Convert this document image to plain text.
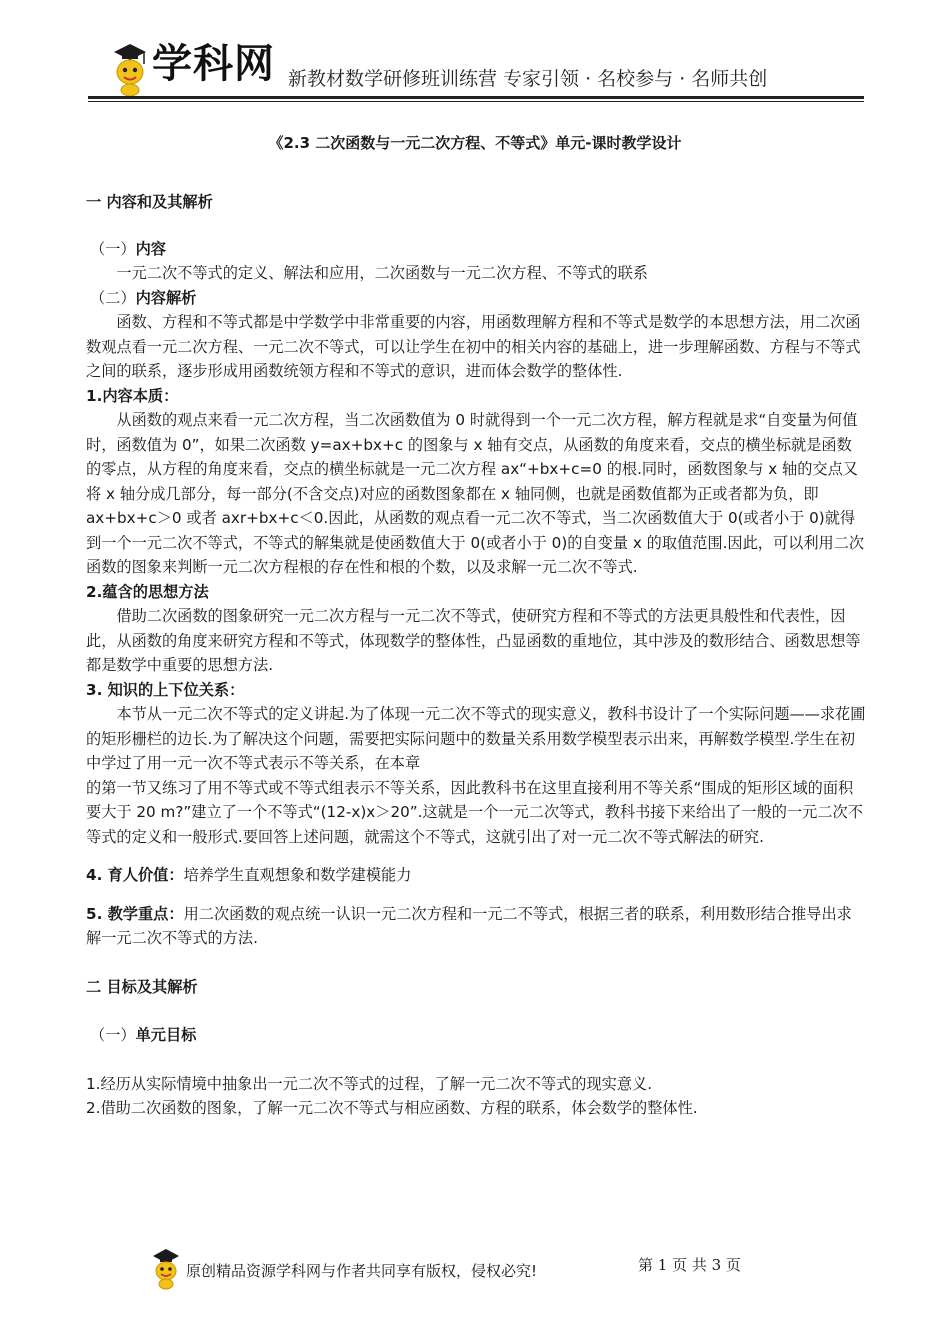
学科网 新教材数学研修班训练营 专家引领 · 名校参与 · 名师共创
《2.3 二次函数与一元二次方程、不等式》单元-课时教学设计

一 内容和及其解析

（一）内容

一元二次不等式的定义、解法和应用，二次函数与一元二次方程、不等式的联系

（二）内容解析

函数、方程和不等式都是中学数学中非常重要的内容，用函数理解方程和不等式是数学的本思想方法，用二次函数观点看一元二次方程、一元二次不等式，可以让学生在初中的相关内容的基础上，进一步理解函数、方程与不等式之间的联系，逐步形成用函数统领方程和不等式的意识，进而体会数学的整体性.

1.内容本质：

从函数的观点来看一元二次方程，当二次函数值为 0 时就得到一个一元二次方程，解方程就是求“自变量为何值时，函数值为 0”，如果二次函数 y=ax+bx+c 的图象与 x 轴有交点，从函数的角度来看，交点的横坐标就是函数的零点，从方程的角度来看，交点的横坐标就是一元二次方程 ax“+bx+c=0 的根.同时，函数图象与 x 轴的交点又将 x 轴分成几部分，每一部分(不含交点)对应的函数图象都在 x 轴同侧，也就是函数值都为正或者都为负，即 ax+bx+c＞0 或者 axr+bx+c＜0.因此，从函数的观点看一元二次不等式，当二次函数值大于 0(或者小于 0)就得到一个一元二次不等式，不等式的解集就是使函数值大于 0(或者小于 0)的自变量 x 的取值范围.因此，可以利用二次函数的图象来判断一元二次方程根的存在性和根的个数，以及求解一元二次不等式.

2.蕴含的思想方法

借助二次函数的图象研究一元二次方程与一元二次不等式，使研究方程和不等式的方法更具般性和代表性，因此，从函数的角度来研究方程和不等式，体现数学的整体性，凸显函数的重地位，其中涉及的数形结合、函数思想等都是数学中重要的思想方法.

3. 知识的上下位关系：

本节从一元二次不等式的定义讲起.为了体现一元二次不等式的现实意义，教科书设计了一个实际问题——求花圃的矩形栅栏的边长.为了解决这个问题，需要把实际问题中的数量关系用数学模型表示出来，再解数学模型.学生在初中学过了用一元一次不等式表示不等关系，在本章

的第一节又练习了用不等式或不等式组表示不等关系，因此教科书在这里直接利用不等关系“围成的矩形区域的面积要大于 20 m?”建立了一个不等式“(12-x)x＞20”.这就是一个一元二次等式，教科书接下来给出了一般的一元二次不等式的定义和一般形式.要回答上述问题，就需这个不等式，这就引出了对一元二次不等式解法的研究.

4. 育人价值：培养学生直观想象和数学建模能力

5. 教学重点：用二次函数的观点统一认识一元二次方程和一元二不等式，根据三者的联系，利用数形结合推导出求解一元二次不等式的方法.

二 目标及其解析

（一）单元目标

1.经历从实际情境中抽象出一元二次不等式的过程，了解一元二次不等式的现实意义.

2.借助二次函数的图象，了解一元二次不等式与相应函数、方程的联系，体会数学的整体性.

原创精品资源学科网与作者共同享有版权，侵权必究!	第 1 页 共 3 页
